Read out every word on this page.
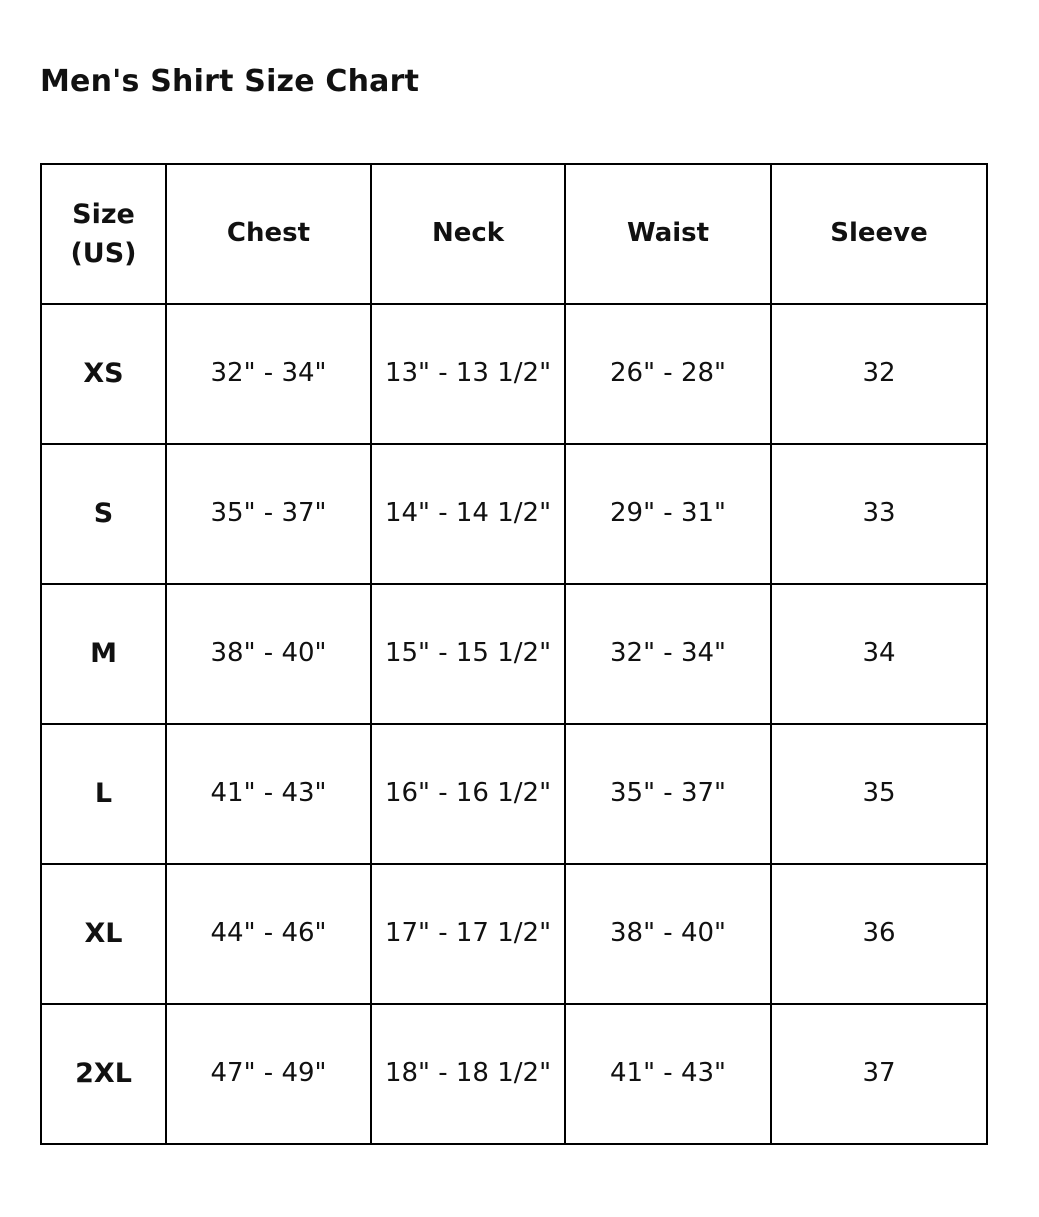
Men's Shirt Size Chart
Size (US)	Chest	Neck	Waist	Sleeve
XS	32" - 34"	13" - 13 1/2"	26" - 28"	32
S	35" - 37"	14" - 14 1/2"	29" - 31"	33
M	38" - 40"	15" - 15 1/2"	32" - 34"	34
L	41" - 43"	16" - 16 1/2"	35" - 37"	35
XL	44" - 46"	17" - 17 1/2"	38" - 40"	36
2XL	47" - 49"	18" - 18 1/2"	41" - 43"	37
